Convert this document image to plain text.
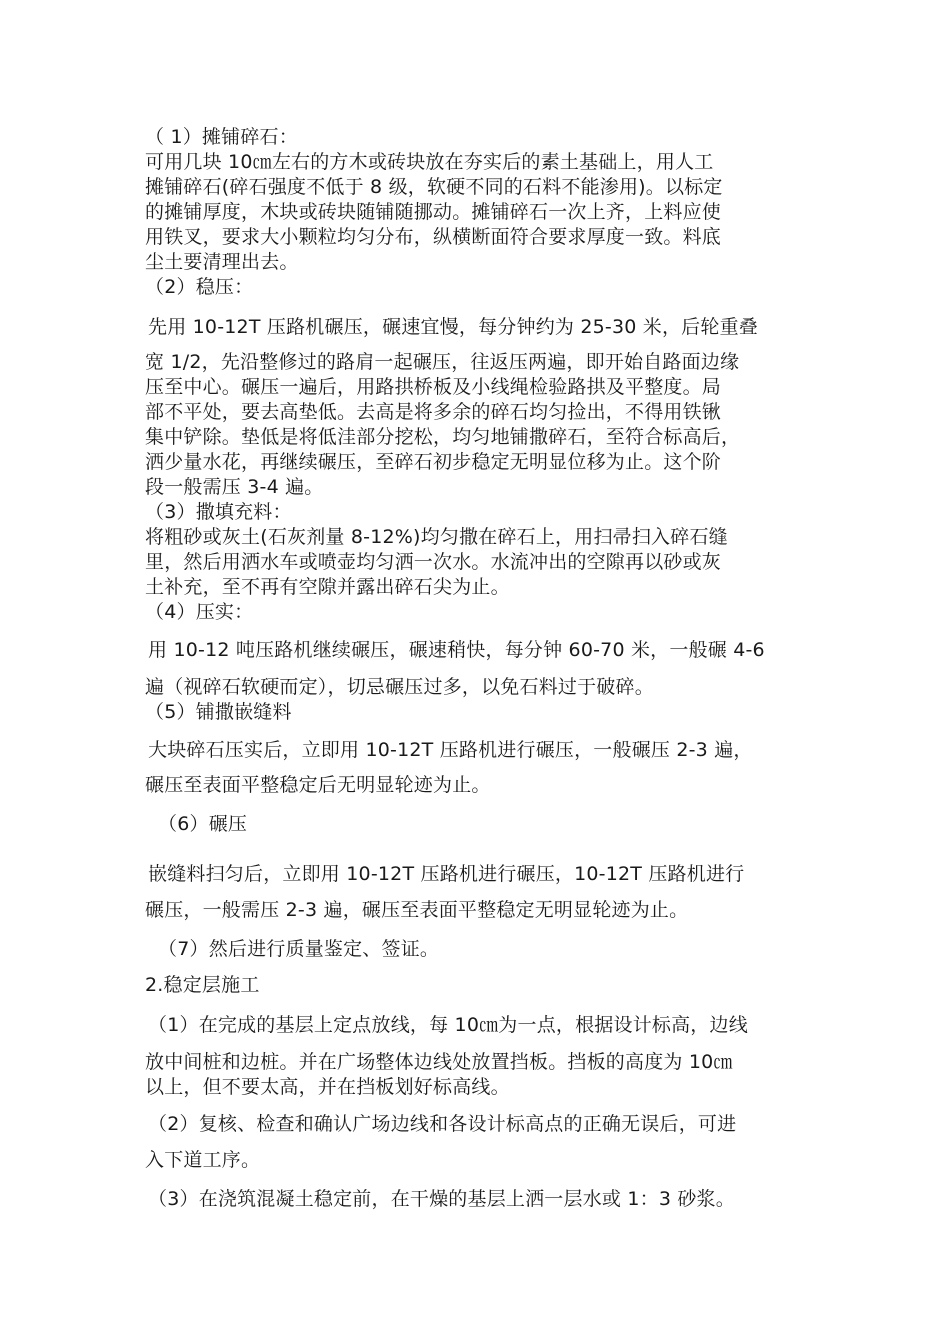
（ 1）摊铺碎石：
可用几块 10㎝左右的方木或砖块放在夯实后的素土基础上，用人工
摊铺碎石(碎石强度不低于 8 级，软硬不同的石料不能渗用)。以标定
的摊铺厚度，木块或砖块随铺随挪动。摊铺碎石一次上齐，上料应使
用铁叉，要求大小颗粒均匀分布，纵横断面符合要求厚度一致。料底
尘土要清理出去。
（2）稳压：
先用 10-12T 压路机碾压，碾速宜慢，每分钟约为 25-30 米，后轮重叠
宽 1/2，先沿整修过的路肩一起碾压，往返压两遍，即开始自路面边缘
压至中心。碾压一遍后，用路拱桥板及小线绳检验路拱及平整度。局
部不平处，要去高垫低。去高是将多余的碎石均匀捡出，不得用铁锹
集中铲除。垫低是将低洼部分挖松，均匀地铺撒碎石，至符合标高后，
洒少量水花，再继续碾压，至碎石初步稳定无明显位移为止。这个阶
段一般需压 3-4 遍。
（3）撒填充料：
将粗砂或灰土(石灰剂量 8-12%)均匀撒在碎石上，用扫帚扫入碎石缝
里，然后用洒水车或喷壶均匀洒一次水。水流冲出的空隙再以砂或灰
土补充，至不再有空隙并露出碎石尖为止。
（4）压实：
用 10-12 吨压路机继续碾压，碾速稍快，每分钟 60-70 米，一般碾 4-6
遍（视碎石软硬而定），切忌碾压过多，以免石料过于破碎。
（5）铺撒嵌缝料
大块碎石压实后，立即用 10-12T 压路机进行碾压，一般碾压 2-3 遍，
碾压至表面平整稳定后无明显轮迹为止。
（6）碾压
嵌缝料扫匀后，立即用 10-12T 压路机进行碾压，10-12T 压路机进行
碾压，一般需压 2-3 遍，碾压至表面平整稳定无明显轮迹为止。
（7）然后进行质量鉴定、签证。
2.稳定层施工
（1）在完成的基层上定点放线，每 10㎝为一点，根据设计标高，边线
放中间桩和边桩。并在广场整体边线处放置挡板。挡板的高度为 10㎝
以上，但不要太高，并在挡板划好标高线。
（2）复核、检查和确认广场边线和各设计标高点的正确无误后，可进
入下道工序。
（3）在浇筑混凝土稳定前，在干燥的基层上洒一层水或 1：3 砂浆。
